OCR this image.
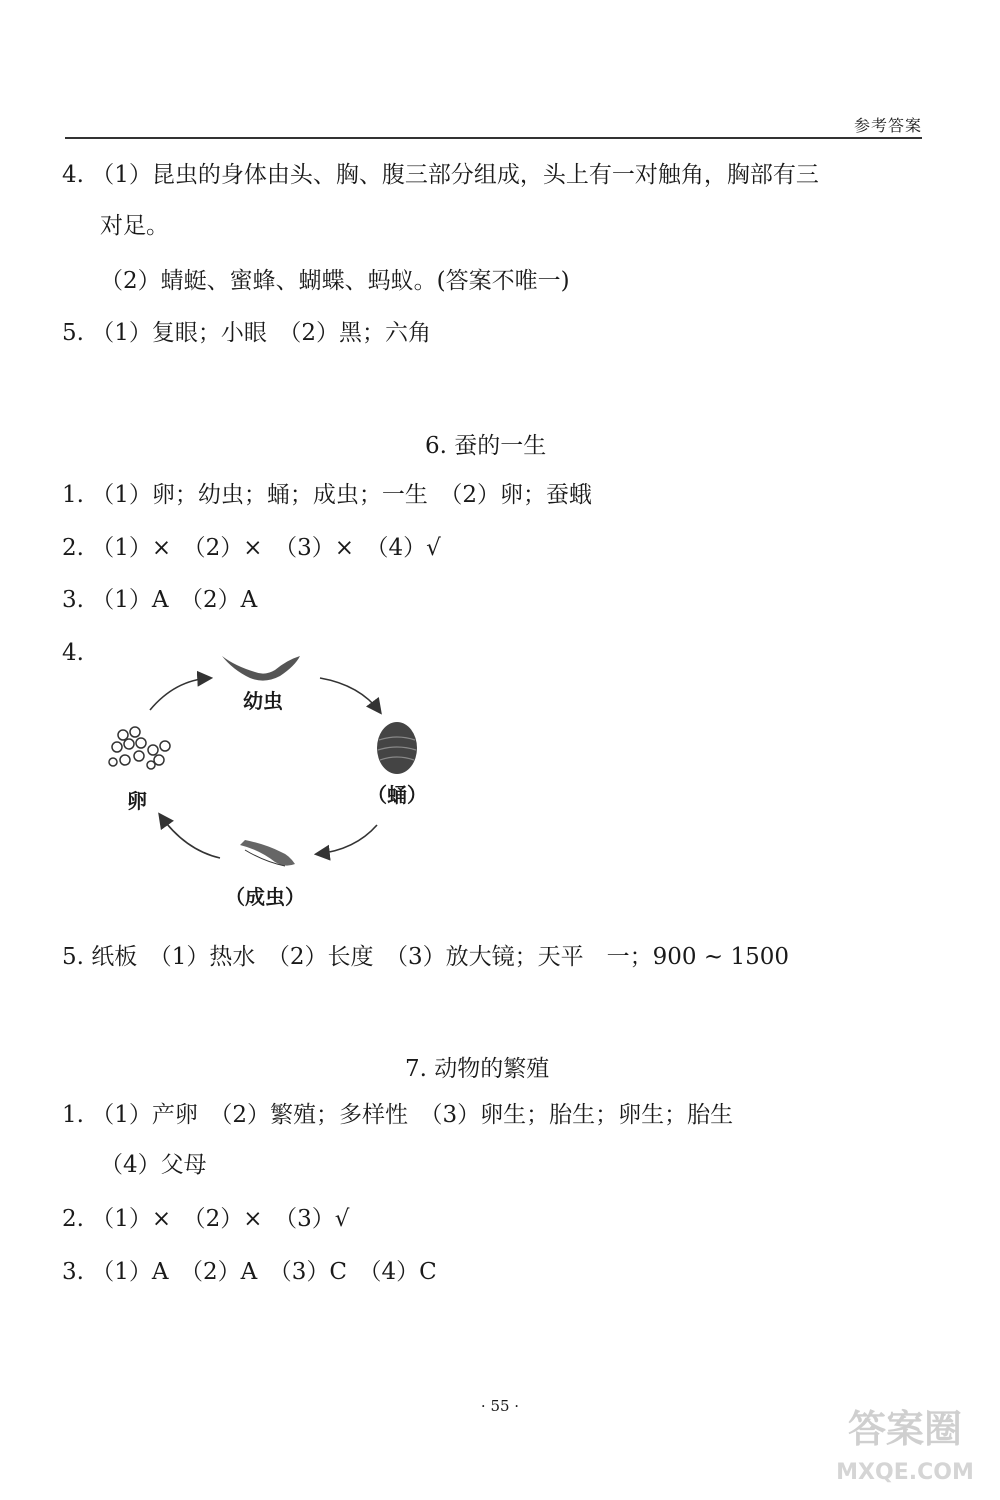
参考答案
4. （1）昆虫的身体由头、胸、腹三部分组成，头上有一对触角，胸部有三
对足。
（2）蜻蜓、蜜蜂、蝴蝶、蚂蚁。(答案不唯一)
5. （1）复眼；小眼　（2）黑；六角
6. 蚕的一生
1. （1）卵；幼虫；蛹；成虫；一生　（2）卵；蚕蛾
2. （1）×　（2）×　（3）×　（4）√
3. （1）A　（2）A
4.
幼虫
（蛹）
卵
（成虫）
5. 纸板　（1）热水　（2）长度　（3）放大镜；天平　一；900 ~ 1500
7. 动物的繁殖
1. （1）产卵　（2）繁殖；多样性　（3）卵生；胎生；卵生；胎生
（4）父母
2. （1）×　（2）×　（3）√
3. （1）A　（2）A　（3）C　（4）C
· 55 ·
答案圈
MXQE.COM
